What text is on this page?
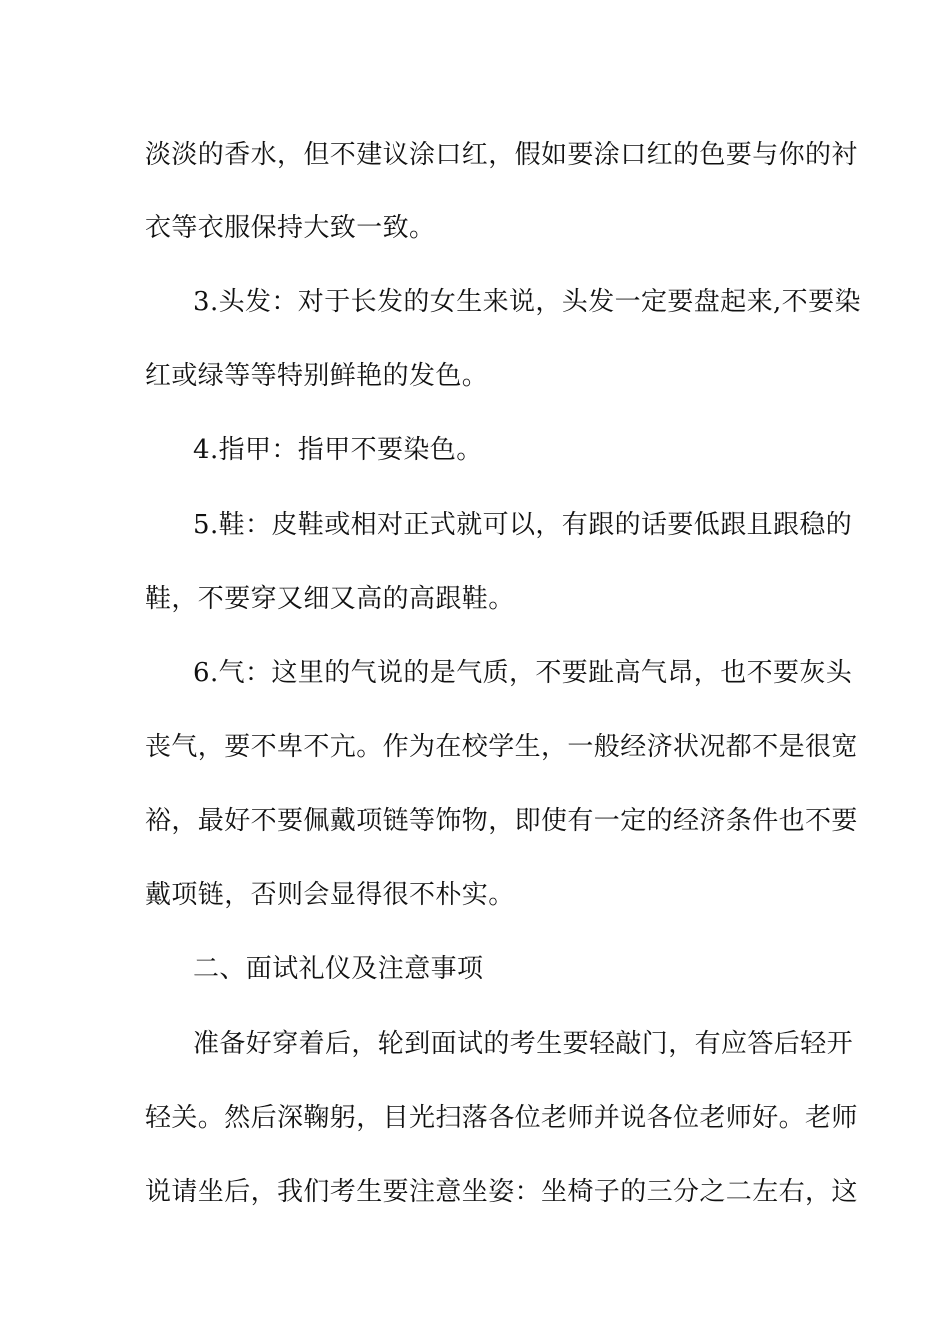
淡淡的香水，但不建议涂口红，假如要涂口红的色要与你的衬
衣等衣服保持大致一致。
3.头发：对于长发的女生来说，头发一定要盘起来,不要染
红或绿等等特别鲜艳的发色。
4.指甲：指甲不要染色。
5.鞋：皮鞋或相对正式就可以，有跟的话要低跟且跟稳的
鞋，不要穿又细又高的高跟鞋。
6.气：这里的气说的是气质，不要趾高气昂，也不要灰头
丧气，要不卑不亢。作为在校学生，一般经济状况都不是很宽
裕，最好不要佩戴项链等饰物，即使有一定的经济条件也不要
戴项链，否则会显得很不朴实。
二、面试礼仪及注意事项
准备好穿着后，轮到面试的考生要轻敲门，有应答后轻开
轻关。然后深鞠躬，目光扫落各位老师并说各位老师好。老师
说请坐后，我们考生要注意坐姿：坐椅子的三分之二左右，这
